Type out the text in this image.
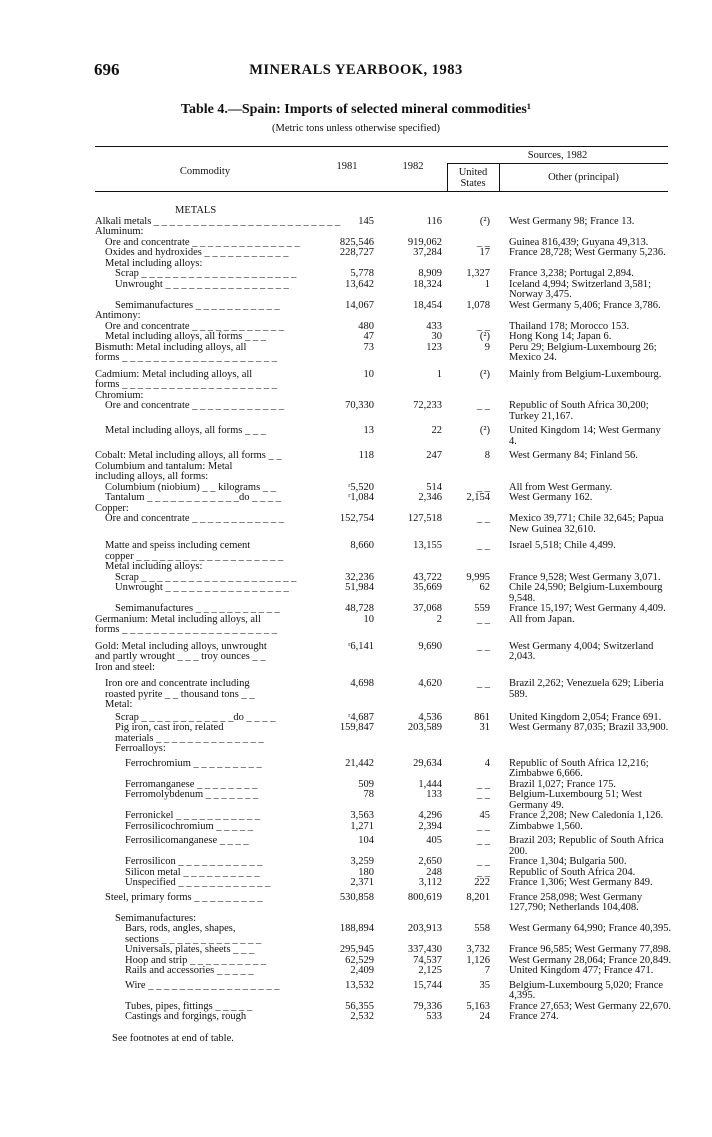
696	MINERALS YEARBOOK, 1983
Table 4.—Spain: Imports of selected mineral commodities¹
(Metric tons unless otherwise specified)
Commodity	1981	1982
Sources, 1982
United
States
Other (principal)
METALS
Alkali metals _ _ _ _ _ _ _ _ _ _ _ _ _ _ _ _ _ _ _ _ _ _ _ _	145	116	(²) West Germany 98; France 13.
Aluminum:
Ore and concentrate _ _ _ _ _ _ _ _ _ _ _ _ _ _	825,546	919,062	_ _ Guinea 816,439; Guyana 49,313.
Oxides and hydroxides _ _ _ _ _ _ _ _ _ _ _	228,727	37,284	17 France 28,728; West Germany 5,236.
Metal including alloys:
Scrap _ _ _ _ _ _ _ _ _ _ _ _ _ _ _ _ _ _ _ _	5,778	8,909	1,327 France 3,238; Portugal 2,894.
Unwrought _ _ _ _ _ _ _ _ _ _ _ _ _ _ _ _	13,642	18,324	1 Iceland 4,994; Switzerland 3,581;
Norway 3,475.
Semimanufactures _ _ _ _ _ _ _ _ _ _ _	14,067	18,454	1,078 West Germany 5,406; France 3,786.
Antimony:
Ore and concentrate _ _ _ _ _ _ _ _ _ _ _ _	480	433	_ _ Thailand 178; Morocco 153.
Metal including alloys, all forms _ _ _	47	30	(²) Hong Kong 14; Japan 6.
Bismuth: Metal including alloys, all
forms _ _ _ _ _ _ _ _ _ _ _ _ _ _ _ _ _ _ _ _
73	123	9 Peru 29; Belgium-Luxembourg 26;
Mexico 24.
Cadmium: Metal including alloys, all
forms _ _ _ _ _ _ _ _ _ _ _ _ _ _ _ _ _ _ _ _
10	1	(²) Mainly from Belgium-Luxembourg.
Chromium:
Ore and concentrate _ _ _ _ _ _ _ _ _ _ _ _	70,330	72,233	_ _ Republic of South Africa 30,200;
Turkey 21,167.
Metal including alloys, all forms _ _ _	13	22	(²) United Kingdom 14; West Germany
4.
Cobalt: Metal including alloys, all forms _ _	118	247	8 West Germany 84; Finland 56.
Columbium and tantalum: Metal
including alloys, all forms:
Columbium (niobium) _ _ kilograms _ _	ʳ5,520	514	_ _ All from West Germany.
Tantalum _ _ _ _ _ _ _ _ _ _ _ _do _ _ _ _	ʳ1,084	2,346	2,154 West Germany 162.
Copper:
Ore and concentrate _ _ _ _ _ _ _ _ _ _ _ _	152,754	127,518	_ _ Mexico 39,771; Chile 32,645; Papua
New Guinea 32,610.
Matte and speiss including cement
copper _ _ _ _ _ _ _ _ _ _ _ _ _ _ _ _ _ _ _
8,660	13,155	_ _ Israel 5,518; Chile 4,499.
Metal including alloys:
Scrap _ _ _ _ _ _ _ _ _ _ _ _ _ _ _ _ _ _ _ _	32,236	43,722	9,995 France 9,528; West Germany 3,071.
Unwrought _ _ _ _ _ _ _ _ _ _ _ _ _ _ _ _	51,984	35,669	62 Chile 24,590; Belgium-Luxembourg
9,548.
Semimanufactures _ _ _ _ _ _ _ _ _ _ _	48,728	37,068	559 France 15,197; West Germany 4,409.
Germanium: Metal including alloys, all
forms _ _ _ _ _ _ _ _ _ _ _ _ _ _ _ _ _ _ _ _
10	2	_ _ All from Japan.
Gold: Metal including alloys, unwrought
and partly wrought _ _ _ troy ounces _ _
ʳ6,141	9,690	_ _ West Germany 4,004; Switzerland
2,043.
Iron and steel:
Iron ore and concentrate including
roasted pyrite _ _ thousand tons _ _
4,698	4,620	_ _ Brazil 2,262; Venezuela 629; Liberia
589.
Metal:
Scrap _ _ _ _ _ _ _ _ _ _ _ _do _ _ _ _	ʳ4,687	4,536	861 United Kingdom 2,054; France 691.
Pig iron, cast iron, related
materials _ _ _ _ _ _ _ _ _ _ _ _ _ _
159,847	203,589	31 West Germany 87,035; Brazil 33,900.
Ferroalloys:
Ferrochromium _ _ _ _ _ _ _ _ _	21,442	29,634	4 Republic of South Africa 12,216;
Zimbabwe 6,666.
Ferromanganese _ _ _ _ _ _ _ _	509	1,444	_ _ Brazil 1,027; France 175.
Ferromolybdenum _ _ _ _ _ _ _	78	133	_ _ Belgium-Luxembourg 51; West
Germany 49.
Ferronickel _ _ _ _ _ _ _ _ _ _ _	3,563	4,296	45 France 2,208; New Caledonia 1,126.
Ferrosilicochromium _ _ _ _ _	1,271	2,394	_ _ Zimbabwe 1,560.
Ferrosilicomanganese _ _ _ _	104	405	_ _ Brazil 203; Republic of South Africa
200.
Ferrosilicon _ _ _ _ _ _ _ _ _ _ _	3,259	2,650	_ _ France 1,304; Bulgaria 500.
Silicon metal _ _ _ _ _ _ _ _ _ _	180	248	_ _ Republic of South Africa 204.
Unspecified _ _ _ _ _ _ _ _ _ _ _ _	2,371	3,112	222 France 1,306; West Germany 849.
Steel, primary forms _ _ _ _ _ _ _ _ _	530,858	800,619	8,201 France 258,098; West Germany
127,790; Netherlands 104,408.
Semimanufactures:
Bars, rods, angles, shapes,
sections _ _ _ _ _ _ _ _ _ _ _ _ _
188,894	203,913	558 West Germany 64,990; France 40,395.
Universals, plates, sheets _ _ _	295,945	337,430	3,732 France 96,585; West Germany 77,898.
Hoop and strip _ _ _ _ _ _ _ _ _ _	62,529	74,537	1,126 West Germany 28,064; France 20,849.
Rails and accessories _ _ _ _ _	2,409	2,125	7 United Kingdom 477; France 471.
Wire _ _ _ _ _ _ _ _ _ _ _ _ _ _ _ _ _	13,532	15,744	35 Belgium-Luxembourg 5,020; France
4,395.
Tubes, pipes, fittings _ _ _ _ _	56,355	79,336	5,163 France 27,653; West Germany 22,670.
Castings and forgings, rough	2,532	533	24 France 274.
See footnotes at end of table.
